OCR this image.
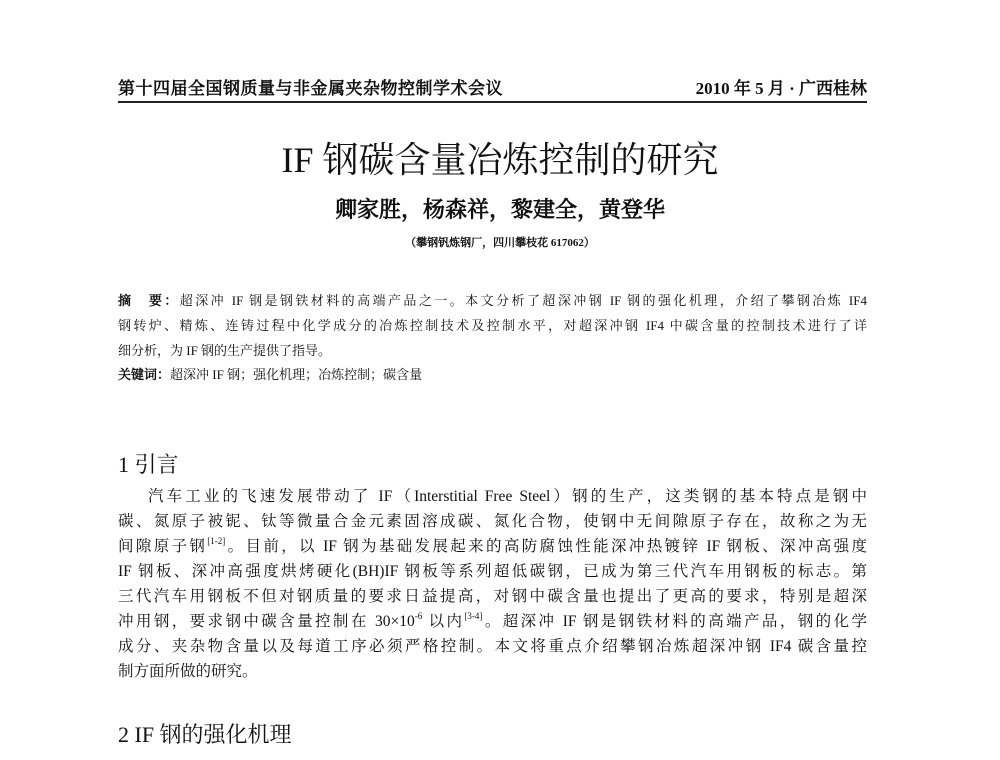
第十四届全国钢质量与非金属夹杂物控制学术会议	2010 年 5 月 · 广西桂林
IF 钢碳含量冶炼控制的研究
卿家胜，杨森祥，黎建全，黄登华
（攀钢钒炼钢厂，四川攀枝花 617062）
摘　要：超深冲 IF 钢是钢铁材料的高端产品之一。本文分析了超深冲钢 IF 钢的强化机理，介绍了攀钢冶炼 IF4
钢转炉、精炼、连铸过程中化学成分的冶炼控制技术及控制水平，对超深冲钢 IF4 中碳含量的控制技术进行了详
细分析，为 IF 钢的生产提供了指导。
关键词：超深冲 IF 钢；强化机理；冶炼控制；碳含量
1 引言
汽车工业的飞速发展带动了 IF（Interstitial Free Steel）钢的生产，这类钢的基本特点是钢中
碳、氮原子被铌、钛等微量合金元素固溶成碳、氮化合物，使钢中无间隙原子存在，故称之为无
间隙原子钢[1-2]。目前，以 IF 钢为基础发展起来的高防腐蚀性能深冲热镀锌 IF 钢板、深冲高强度
IF 钢板、深冲高强度烘烤硬化(BH)IF 钢板等系列超低碳钢，已成为第三代汽车用钢板的标志。第
三代汽车用钢板不但对钢质量的要求日益提高，对钢中碳含量也提出了更高的要求，特别是超深
冲用钢，要求钢中碳含量控制在 $30\times 10^{-6}$ 以内[3-4]。超深冲 IF 钢是钢铁材料的高端产品，钢的化学
成分、夹杂物含量以及每道工序必须严格控制。本文将重点介绍攀钢冶炼超深冲钢 IF4 碳含量控
制方面所做的研究。
2 IF 钢的强化机理
